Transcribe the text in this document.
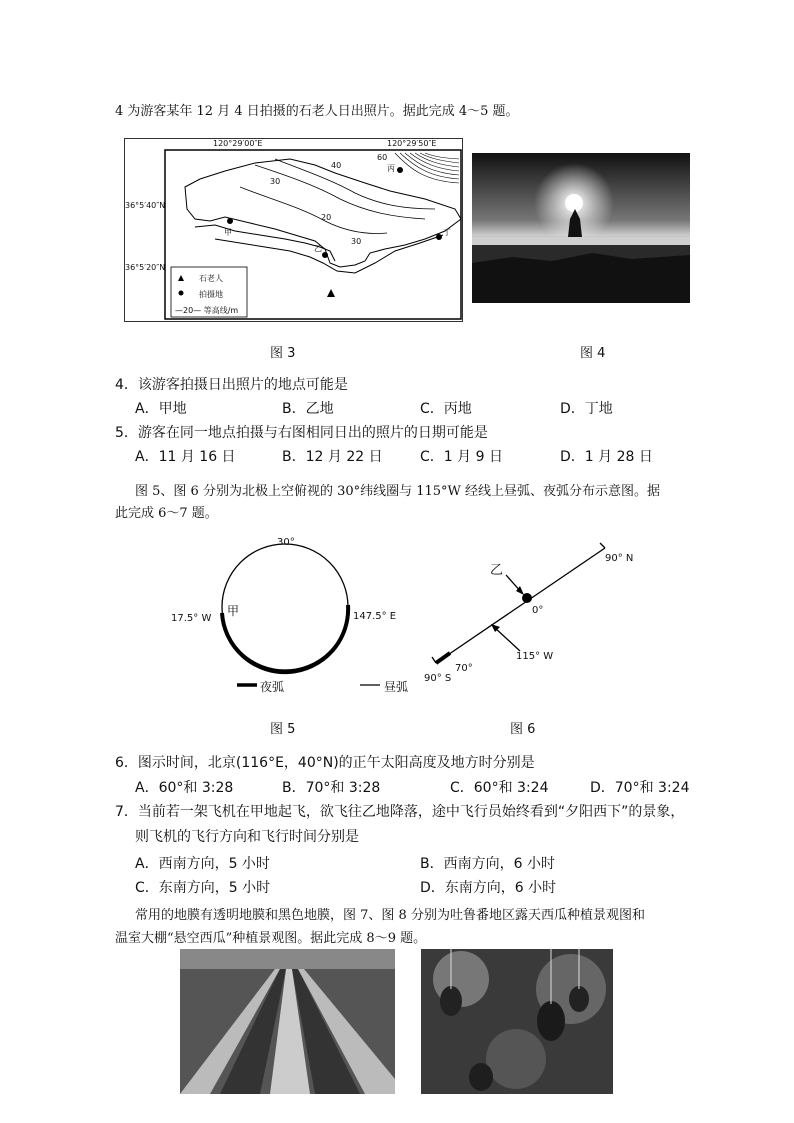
4 为游客某年 12 月 4 日拍摄的石老人日出照片。据此完成 4～5 题。
120°29′00″E	120°29′50″E
36°5′40″N
36°5′20″N
60
40
30
20
30
甲
乙
丙
丁
石老人
拍摄地
—20— 等高线/m
图 3	图 4
4．该游客拍摄日出照片的地点可能是
A．甲地	B．乙地	C．丙地	D．丁地
5．游客在同一地点拍摄与右图相同日出的照片的日期可能是
A．11 月 16 日	B．12 月 22 日	C．1 月 9 日	D．1 月 28 日
图 5、图 6 分别为北极上空俯视的 30°纬线圈与 115°W 经线上昼弧、夜弧分布示意图。据
此完成 6～7 题。
30°
17.5° W
甲	147.5° E
夜弧
90° N
乙
0°
115° W
70°
90° S
昼弧
图 5	图 6
6．图示时间，北京(116°E，40°N)的正午太阳高度及地方时分别是
A．60°和 3:28	B．70°和 3:28	C．60°和 3:24	D．70°和 3:24
7．当前若一架飞机在甲地起飞，欲飞往乙地降落，途中飞行员始终看到“夕阳西下”的景象，
则飞机的飞行方向和飞行时间分别是
A．西南方向，5 小时	B．西南方向，6 小时
C．东南方向，5 小时	D．东南方向，6 小时
常用的地膜有透明地膜和黑色地膜，图 7、图 8 分别为吐鲁番地区露天西瓜种植景观图和
温室大棚“悬空西瓜”种植景观图。据此完成 8～9 题。
